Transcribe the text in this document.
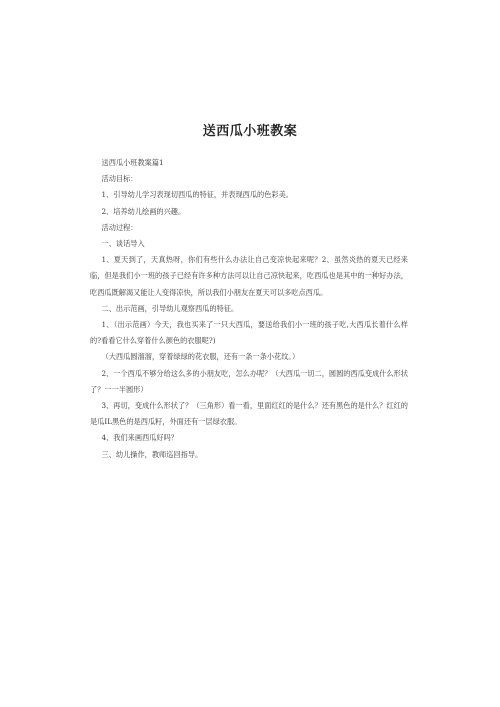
送西瓜小班教案

送西瓜小班教案篇1

活动目标：

1、引导幼儿学习表现切西瓜的特征，并表现西瓜的色彩美。

2、培养幼儿绘画的兴趣。

活动过程：

一、谈话导入

1、夏天到了，天真热呀，你们有些什么办法让自己变凉快起来呢？2、虽然炎热的夏天已经来临，但是我们小一班的孩子已经有许多种方法可以让自己凉快起来，吃西瓜也是其中的一种好办法，吃西瓜既解渴又能让人变得凉快，所以我们小朋友在夏天可以多吃点西瓜。

二、出示范画，引导幼儿观察西瓜的特征。

1、（出示范画）今天，我也买来了一只大西瓜，要送给我们小一班的孩子吃,大西瓜长着什么样的?看看它什么穿着什么颜色的衣服呢?)

（大西瓜圆溜溜，穿着绿绿的花衣服，还有一条一条小花纹。）

2、一个西瓜不够分给这么多的小朋友吃，怎么办呢？（大西瓜一切二，圆圆的西瓜变成什么形状了？一一半圆形）

3、再切，变成什么形状了？（三角形）看一看，里面红红的是什么？还有黑色的是什么？红红的是瓜IL黑色的是西瓜籽，外面还有一层绿衣服。

4、我们来画西瓜好吗？

三、幼儿操作，教师巡回指导。
